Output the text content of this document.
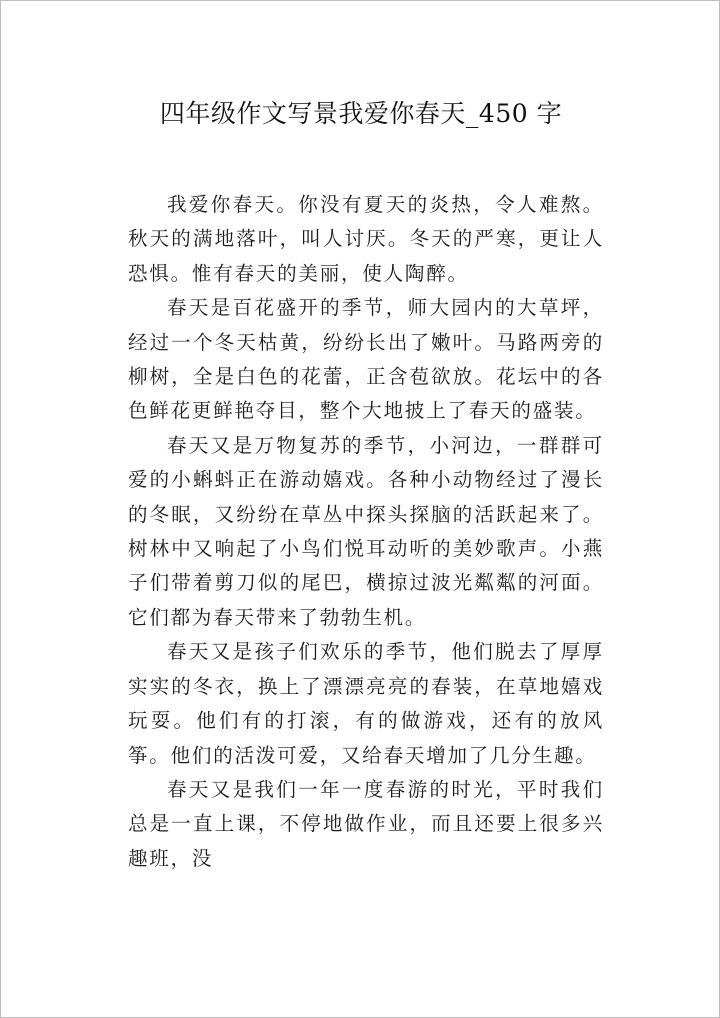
四年级作文写景我爱你春天_450 字

我爱你春天。你没有夏天的炎热，令人难熬。秋天的满地落叶，叫人讨厌。冬天的严寒，更让人恐惧。惟有春天的美丽，使人陶醉。

春天是百花盛开的季节，师大园内的大草坪，经过一个冬天枯黄，纷纷长出了嫩叶。马路两旁的柳树，全是白色的花蕾，正含苞欲放。花坛中的各色鲜花更鲜艳夺目，整个大地披上了春天的盛装。

春天又是万物复苏的季节，小河边，一群群可爱的小蝌蚪正在游动嬉戏。各种小动物经过了漫长的冬眠，又纷纷在草丛中探头探脑的活跃起来了。树林中又响起了小鸟们悦耳动听的美妙歌声。小燕子们带着剪刀似的尾巴，横掠过波光粼粼的河面。它们都为春天带来了勃勃生机。

春天又是孩子们欢乐的季节，他们脱去了厚厚实实的冬衣，换上了漂漂亮亮的春装，在草地嬉戏玩耍。他们有的打滚，有的做游戏，还有的放风筝。他们的活泼可爱，又给春天增加了几分生趣。

春天又是我们一年一度春游的时光，平时我们总是一直上课，不停地做作业，而且还要上很多兴趣班，没
